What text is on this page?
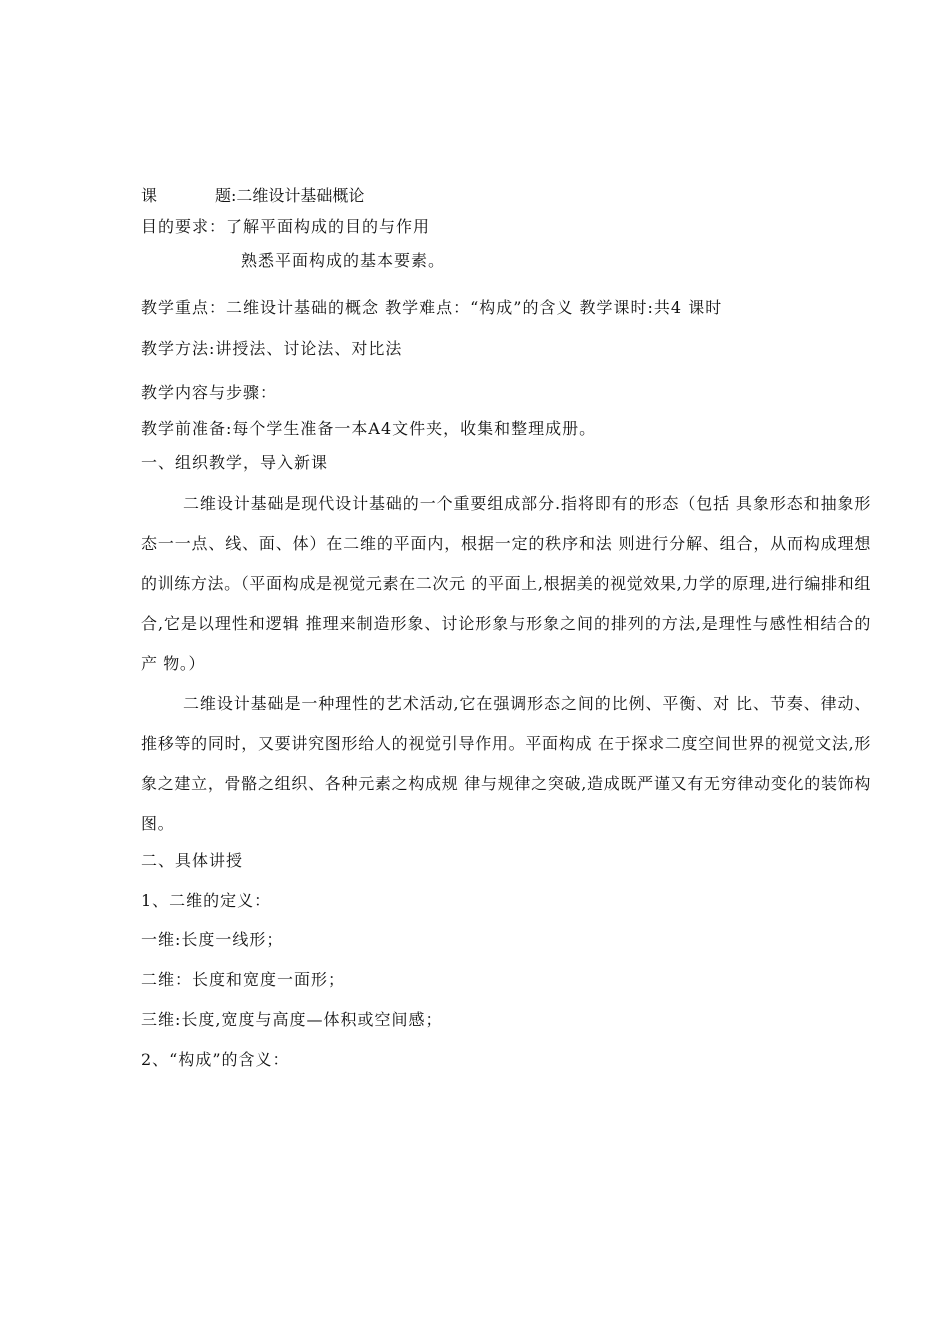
课	题:二维设计基础概论
目的要求：了解平面构成的目的与作用
熟悉平面构成的基本要素。
教学重点：二维设计基础的概念 教学难点：“构成”的含义 教学课时:共4 课时
教学方法:讲授法、讨论法、对比法
教学内容与步骤：
教学前准备:每个学生准备一本A4文件夹，收集和整理成册。
一、组织教学，导入新课
二维设计基础是现代设计基础的一个重要组成部分.指将即有的形态（包括 具象形态和抽象形态一一点、线、面、体）在二维的平面内，根据一定的秩序和法 则进行分解、组合，从而构成理想的训练方法。（平面构成是视觉元素在二次元 的平面上,根据美的视觉效果,力学的原理,进行编排和组合,它是以理性和逻辑 推理来制造形象、讨论形象与形象之间的排列的方法,是理性与感性相结合的产 物。）
二维设计基础是一种理性的艺术活动,它在强调形态之间的比例、平衡、对 比、节奏、律动、推移等的同时，又要讲究图形给人的视觉引导作用。平面构成 在于探求二度空间世界的视觉文法,形象之建立，骨骼之组织、各种元素之构成规 律与规律之突破,造成既严谨又有无穷律动变化的装饰构图。
二、具体讲授
1、二维的定义：
一维:长度一线形；
二维：长度和宽度一面形；
三维:长度,宽度与高度—体积或空间感；
2、“构成”的含义：
